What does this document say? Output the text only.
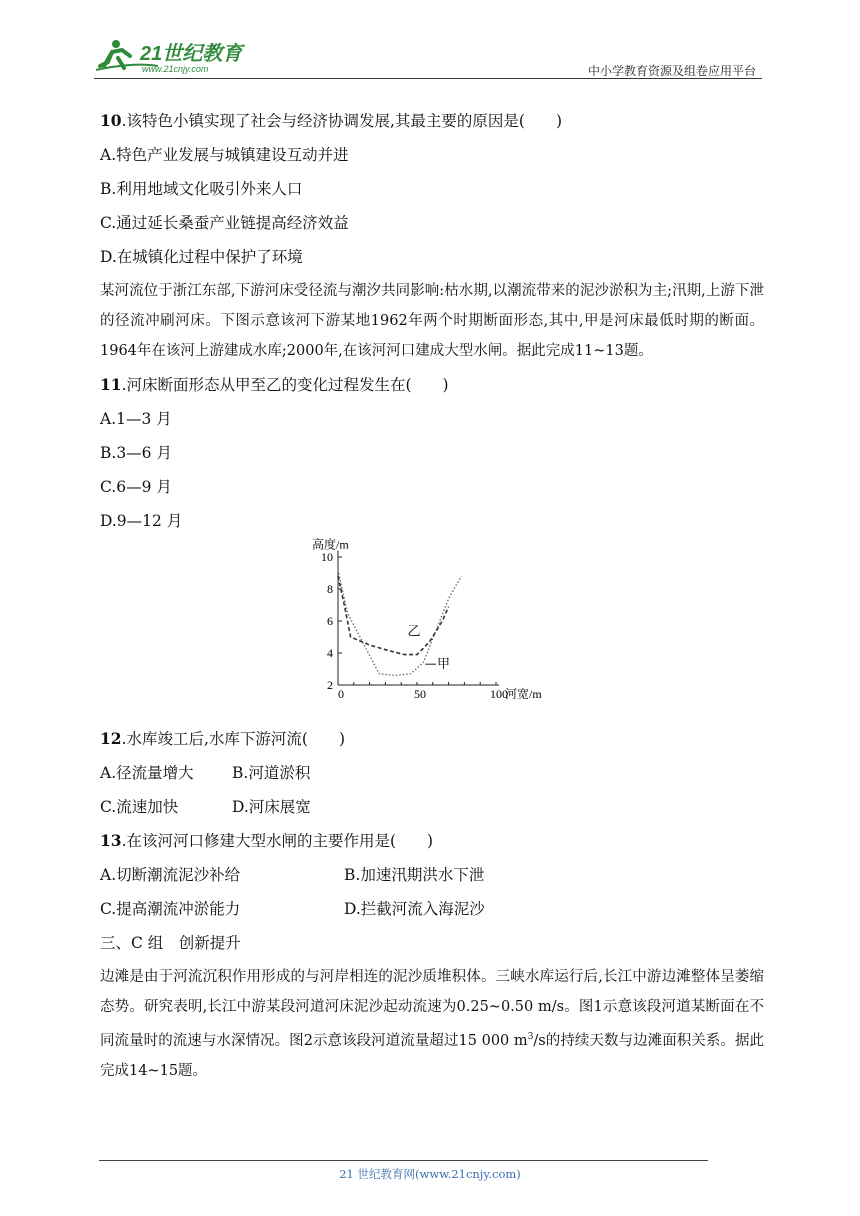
21世纪教育
www.21cnjy.com	中小学教育资源及组卷应用平台
10.该特色小镇实现了社会与经济协调发展,其最主要的原因是(　　)
A.特色产业发展与城镇建设互动并进
B.利用地域文化吸引外来人口
C.通过延长桑蚕产业链提高经济效益
D.在城镇化过程中保护了环境
某河流位于浙江东部,下游河床受径流与潮汐共同影响:枯水期,以潮流带来的泥沙淤积为主;汛期,上游下泄的径流冲刷河床。下图示意该河下游某地1962年两个时期断面形态,其中,甲是河床最低时期的断面。1964年在该河上游建成水库;2000年,在该河河口建成大型水闸。据此完成11~13题。
11.河床断面形态从甲至乙的变化过程发生在(　　)
A.1—3 月
B.3—6 月
C.6—9 月
D.9—12 月
2
4
6
8
10
0	50	100
高度/m
河宽/m
乙
甲
12.水库竣工后,水库下游河流(　　)
A.径流量增大	B.河道淤积
C.流速加快	D.河床展宽
13.在该河河口修建大型水闸的主要作用是(　　)
A.切断潮流泥沙补给	B.加速汛期洪水下泄
C.提高潮流冲淤能力	D.拦截河流入海泥沙
三、C 组　创新提升
边滩是由于河流沉积作用形成的与河岸相连的泥沙质堆积体。三峡水库运行后,长江中游边滩整体呈萎缩态势。研究表明,长江中游某段河道河床泥沙起动流速为0.25~0.50 m/s。图1示意该段河道某断面在不同流量时的流速与水深情况。图2示意该段河道流量超过15 000 $m^3/s$的持续天数与边滩面积关系。据此完成14~15题。
21 世纪教育网(www.21cnjy.com)
